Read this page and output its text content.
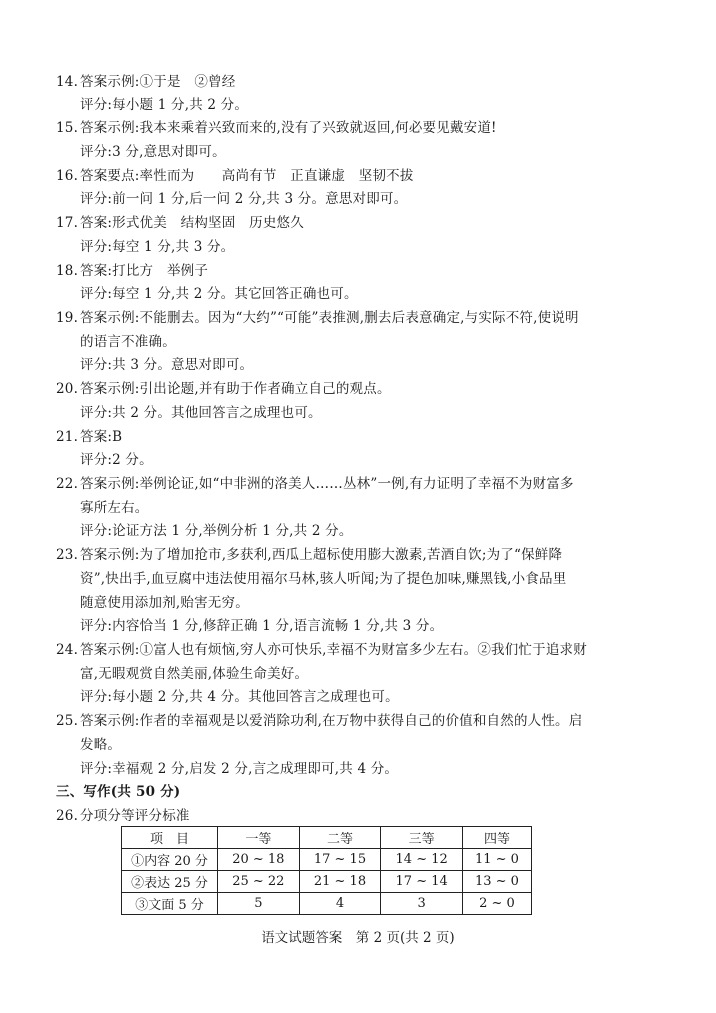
14. 答案示例:①于是　②曾经
评分:每小题 1 分,共 2 分。
15. 答案示例:我本来乘着兴致而来的,没有了兴致就返回,何必要见戴安道!
评分:3 分,意思对即可。
16. 答案要点:率性而为　　高尚有节　正直谦虚　坚韧不拔
评分:前一问 1 分,后一问 2 分,共 3 分。意思对即可。
17. 答案:形式优美　结构坚固　历史悠久
评分:每空 1 分,共 3 分。
18. 答案:打比方　举例子
评分:每空 1 分,共 2 分。其它回答正确也可。
19. 答案示例:不能删去。因为“大约”“可能”表推测,删去后表意确定,与实际不符,使说明
的语言不准确。
评分:共 3 分。意思对即可。
20. 答案示例:引出论题,并有助于作者确立自己的观点。
评分:共 2 分。其他回答言之成理也可。
21. 答案:B
评分:2 分。
22. 答案示例:举例论证,如“中非洲的洛美人……丛林”一例,有力证明了幸福不为财富多
寡所左右。
评分:论证方法 1 分,举例分析 1 分,共 2 分。
23. 答案示例:为了增加抢市,多获利,西瓜上超标使用膨大激素,苦酒自饮;为了“保鲜降
资”,快出手,血豆腐中违法使用福尔马林,骇人听闻;为了提色加味,赚黑钱,小食品里
随意使用添加剂,贻害无穷。
评分:内容恰当 1 分,修辞正确 1 分,语言流畅 1 分,共 3 分。
24. 答案示例:①富人也有烦恼,穷人亦可快乐,幸福不为财富多少左右。②我们忙于追求财
富,无暇观赏自然美丽,体验生命美好。
评分:每小题 2 分,共 4 分。其他回答言之成理也可。
25. 答案示例:作者的幸福观是以爱消除功利,在万物中获得自己的价值和自然的人性。启
发略。
评分:幸福观 2 分,启发 2 分,言之成理即可,共 4 分。
三、写作(共 50 分)
26. 分项分等评分标准
项　目	一等	二等	三等	四等
①内容 20 分	20 ~ 18	17 ~ 15	14 ~ 12	11 ~ 0
②表达 25 分	25 ~ 22	21 ~ 18	17 ~ 14	13 ~ 0
③文面 5 分	5	4	3	2 ~ 0
语文试题答案　第 2 页(共 2 页)
